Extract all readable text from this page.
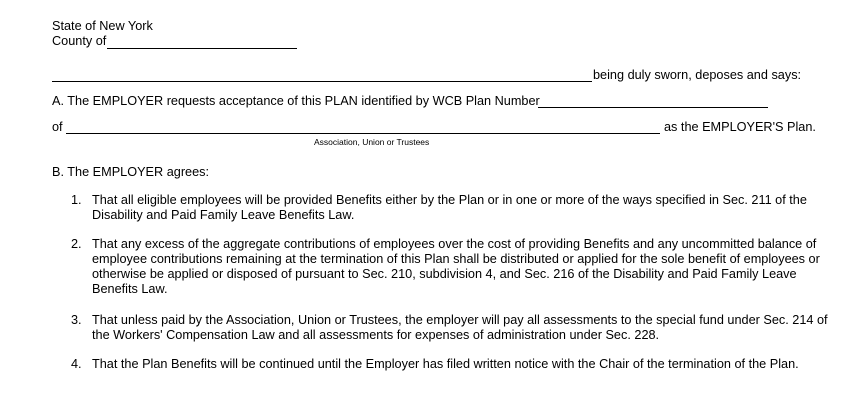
State of New York
County of
being duly sworn, deposes and says:
A. The EMPLOYER requests acceptance of this PLAN identified by WCB Plan Number
of	as the EMPLOYER'S Plan.
Association, Union or Trustees
B. The EMPLOYER agrees:
1. That all eligible employees will be provided Benefits either by the Plan or in one or more of the ways specified in Sec. 211 of the
Disability and Paid Family Leave Benefits Law.
2. That any excess of the aggregate contributions of employees over the cost of providing Benefits and any uncommitted balance of
employee contributions remaining at the termination of this Plan shall be distributed or applied for the sole benefit of employees or
otherwise be applied or disposed of pursuant to Sec. 210, subdivision 4, and Sec. 216 of the Disability and Paid Family Leave
Benefits Law.
3. That unless paid by the Association, Union or Trustees, the employer will pay all assessments to the special fund under Sec. 214 of
the Workers' Compensation Law and all assessments for expenses of administration under Sec. 228.
4. That the Plan Benefits will be continued until the Employer has filed written notice with the Chair of the termination of the Plan.
